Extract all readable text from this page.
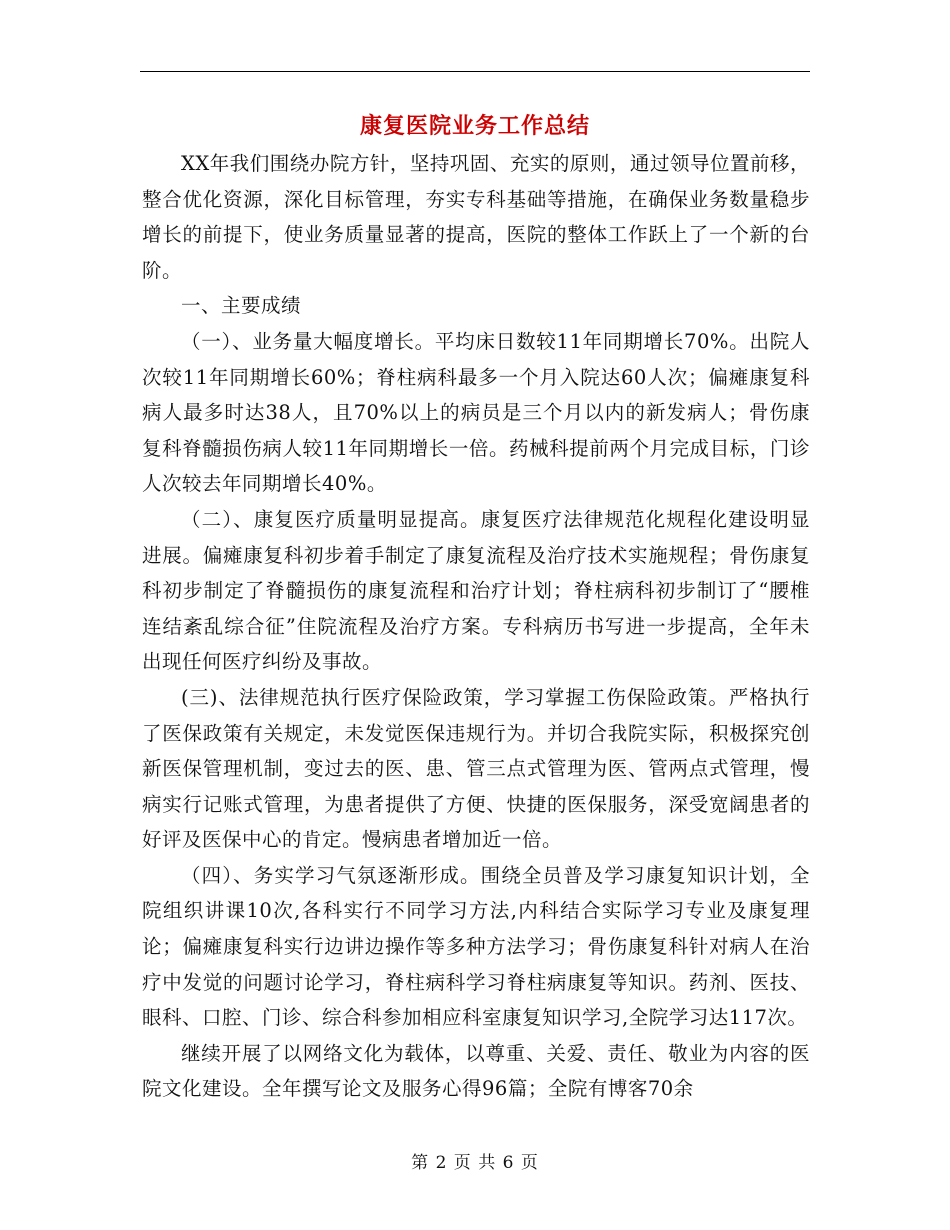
康复医院业务工作总结

XX年我们围绕办院方针，坚持巩固、充实的原则，通过领导位置前移，整合优化资源，深化目标管理，夯实专科基础等措施，在确保业务数量稳步增长的前提下，使业务质量显著的提高，医院的整体工作跃上了一个新的台阶。

一、主要成绩

（一）、业务量大幅度增长。平均床日数较11年同期增长70%。出院人次较11年同期增长60%；脊柱病科最多一个月入院达60人次；偏瘫康复科病人最多时达38人，且70%以上的病员是三个月以内的新发病人；骨伤康复科脊髓损伤病人较11年同期增长一倍。药械科提前两个月完成目标，门诊人次较去年同期增长40%。

（二）、康复医疗质量明显提高。康复医疗法律规范化规程化建设明显进展。偏瘫康复科初步着手制定了康复流程及治疗技术实施规程；骨伤康复科初步制定了脊髓损伤的康复流程和治疗计划；脊柱病科初步制订了“腰椎连结紊乱综合征”住院流程及治疗方案。专科病历书写进一步提高，全年未出现任何医疗纠纷及事故。

(三)、法律规范执行医疗保险政策，学习掌握工伤保险政策。严格执行了医保政策有关规定，未发觉医保违规行为。并切合我院实际，积极探究创新医保管理机制，变过去的医、患、管三点式管理为医、管两点式管理，慢病实行记账式管理，为患者提供了方便、快捷的医保服务，深受宽阔患者的好评及医保中心的肯定。慢病患者增加近一倍。

（四）、务实学习气氛逐渐形成。围绕全员普及学习康复知识计划，全院组织讲课10次,各科实行不同学习方法,内科结合实际学习专业及康复理论；偏瘫康复科实行边讲边操作等多种方法学习；骨伤康复科针对病人在治疗中发觉的问题讨论学习，脊柱病科学习脊柱病康复等知识。药剂、医技、眼科、口腔、门诊、综合科参加相应科室康复知识学习,全院学习达117次。

继续开展了以网络文化为载体，以尊重、关爱、责任、敬业为内容的医院文化建设。全年撰写论文及服务心得96篇；全院有博客70余

第 2 页 共 6 页
